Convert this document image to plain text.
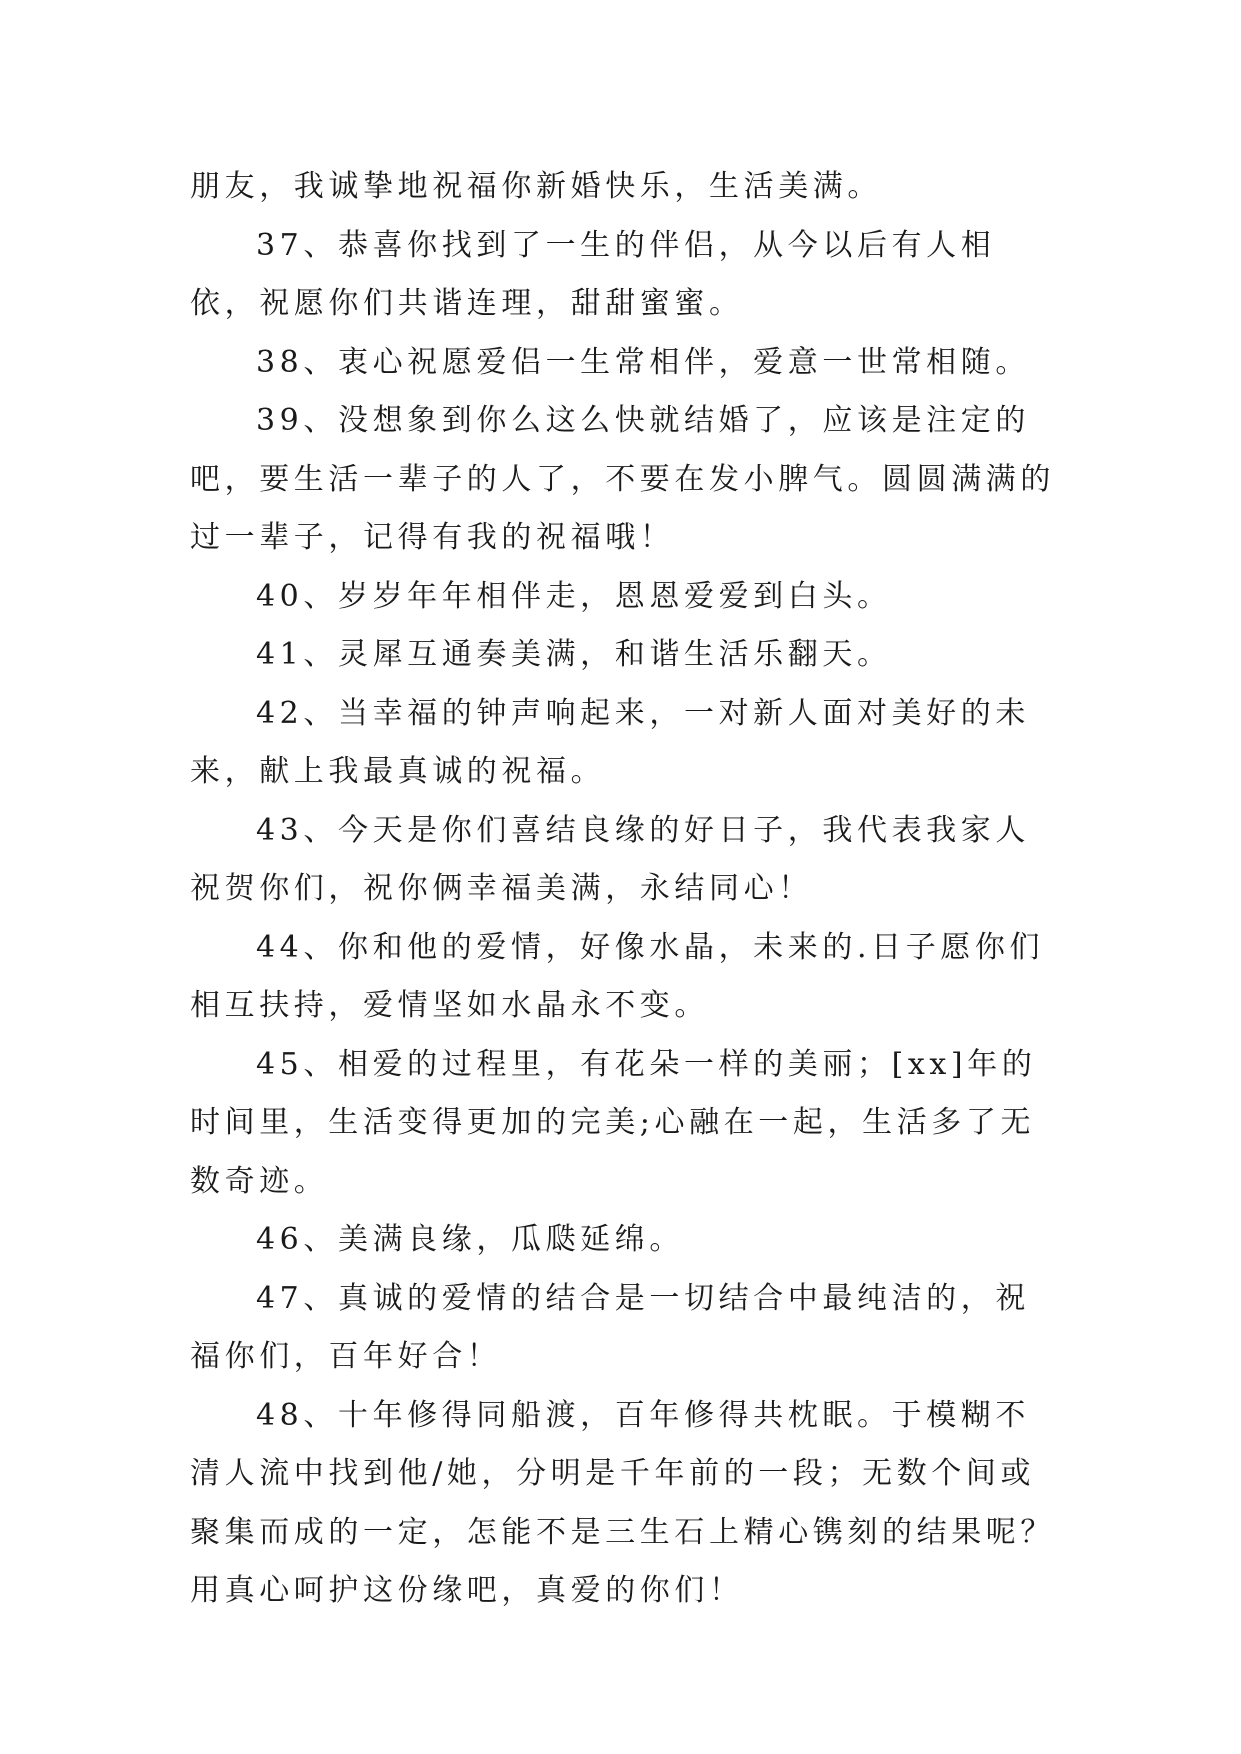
朋友，我诚挚地祝福你新婚快乐，生活美满。

37、恭喜你找到了一生的伴侣，从今以后有人相依，祝愿你们共谐连理，甜甜蜜蜜。

38、衷心祝愿爱侣一生常相伴，爱意一世常相随。

39、没想象到你么这么快就结婚了，应该是注定的吧，要生活一辈子的人了，不要在发小脾气。圆圆满满的过一辈子，记得有我的祝福哦！

40、岁岁年年相伴走，恩恩爱爱到白头。

41、灵犀互通奏美满，和谐生活乐翻天。

42、当幸福的钟声响起来，一对新人面对美好的未来，献上我最真诚的祝福。

43、今天是你们喜结良缘的好日子，我代表我家人祝贺你们，祝你俩幸福美满，永结同心！

44、你和他的爱情，好像水晶，未来的.日子愿你们相互扶持，爱情坚如水晶永不变。

45、相爱的过程里，有花朵一样的美丽；[xx]年的时间里，生活变得更加的完美;心融在一起，生活多了无数奇迹。

46、美满良缘，瓜瓞延绵。

47、真诚的爱情的结合是一切结合中最纯洁的，祝福你们，百年好合！

48、十年修得同船渡，百年修得共枕眠。于模糊不清人流中找到他/她，分明是千年前的一段；无数个间或聚集而成的一定，怎能不是三生石上精心镌刻的结果呢？用真心呵护这份缘吧，真爱的你们！
